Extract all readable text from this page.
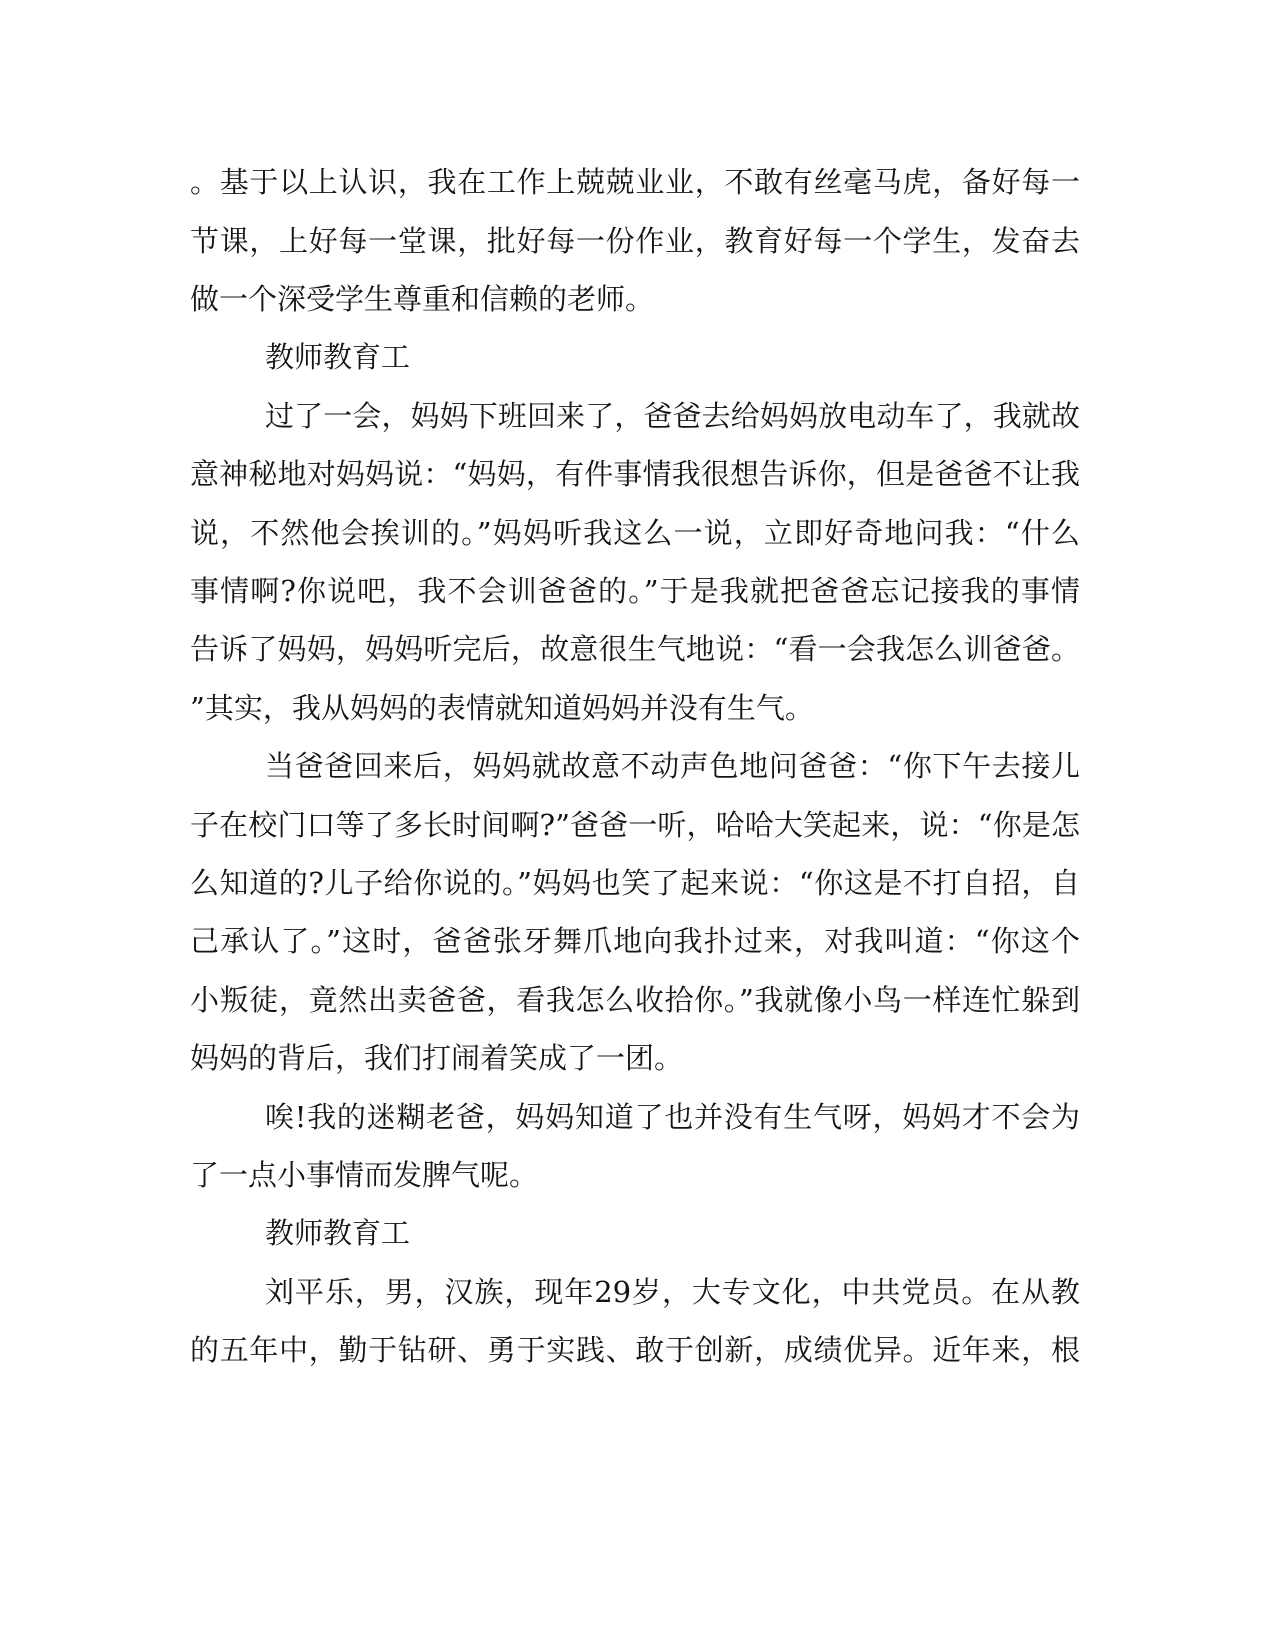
。基于以上认识，我在工作上兢兢业业，不敢有丝毫马虎，备好每一
节课，上好每一堂课，批好每一份作业，教育好每一个学生，发奋去
做一个深受学生尊重和信赖的老师。
教师教育工
过了一会，妈妈下班回来了，爸爸去给妈妈放电动车了，我就故
意神秘地对妈妈说：“妈妈，有件事情我很想告诉你，但是爸爸不让我
说，不然他会挨训的。”妈妈听我这么一说，立即好奇地问我：“什么
事情啊?你说吧，我不会训爸爸的。”于是我就把爸爸忘记接我的事情
告诉了妈妈，妈妈听完后，故意很生气地说：“看一会我怎么训爸爸。
”其实，我从妈妈的表情就知道妈妈并没有生气。
当爸爸回来后，妈妈就故意不动声色地问爸爸：“你下午去接儿
子在校门口等了多长时间啊?”爸爸一听，哈哈大笑起来，说：“你是怎
么知道的?儿子给你说的。”妈妈也笑了起来说：“你这是不打自招，自
己承认了。”这时，爸爸张牙舞爪地向我扑过来，对我叫道：“你这个
小叛徒，竟然出卖爸爸，看我怎么收拾你。”我就像小鸟一样连忙躲到
妈妈的背后，我们打闹着笑成了一团。
唉!我的迷糊老爸，妈妈知道了也并没有生气呀，妈妈才不会为
了一点小事情而发脾气呢。
教师教育工
刘平乐，男，汉族，现年29岁，大专文化，中共党员。在从教
的五年中，勤于钻研、勇于实践、敢于创新，成绩优异。近年来，根
